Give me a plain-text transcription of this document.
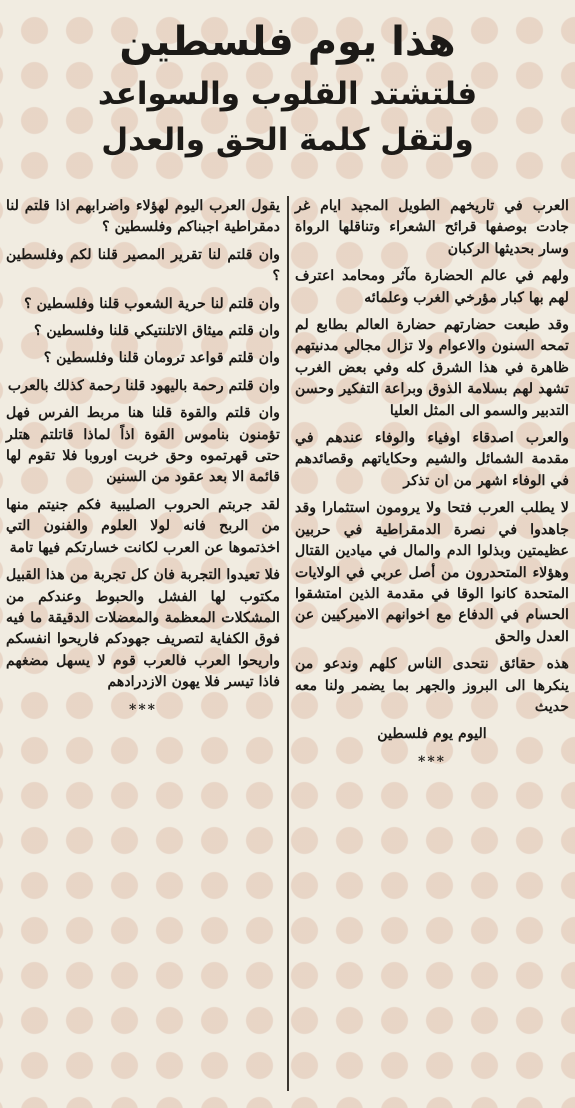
هذا يوم فلسطين
فلتشتد القلوب والسواعد
ولتقل كلمة الحق والعدل

العرب في تاريخهم الطويل المجيد ايام غر جادت بوصفها قرائح الشعراء وتناقلها الرواة وسار بحديثها الركبان

ولهم في عالم الحضارة مآثر ومحامد اعترف لهم بها كبار مؤرخي الغرب وعلمائه

وقد طبعت حضارتهم حضارة العالم بطابع لم تمحه السنون والاعوام ولا تزال مجالي مدنيتهم ظاهرة في هذا الشرق كله وفي بعض الغرب تشهد لهم بسلامة الذوق وبراعة التفكير وحسن التدبير والسمو الى المثل العليا

والعرب اصدقاء اوفياء والوفاء عندهم في مقدمة الشمائل والشيم وحكاياتهم وقصائدهم في الوفاء اشهر من ان تذكر

لا يطلب العرب فتحا ولا يرومون استثمارا وقد جاهدوا في نصرة الدمقراطية في حربين عظيمتين وبذلوا الدم والمال في ميادين القتال وهؤلاء المتحدرون من أصل عربي في الولايات المتحدة كانوا الوقا في مقدمة الذين امتشقوا الحسام في الدفاع مع اخوانهم الاميركيين عن العدل والحق

هذه حقائق نتحدى الناس كلهم وندعو من ينكرها الى البروز والجهر بما يضمر ولنا معه حديث

اليوم يوم فلسطين

***

يقول العرب اليوم لهؤلاء واضرابهم اذا قلتم لنا دمقراطية اجبناكم وفلسطين ؟

وان قلتم لنا تقرير المصير قلنا لكم وفلسطين ؟

وان قلتم لنا حرية الشعوب قلنا وفلسطين ؟

وان قلتم ميثاق الاتلنتيكي قلنا وفلسطين ؟

وان قلتم قواعد ترومان قلنا وفلسطين ؟

وان قلتم رحمة باليهود قلنا رحمة كذلك بالعرب

وان قلتم والقوة قلنا هنا مربط الفرس فهل تؤمنون بناموس القوة اذاً لماذا قاتلتم هتلر حتى قهرتموه وحق خربت اوروبا فلا تقوم لها قائمة الا بعد عقود من السنين

لقد جربتم الحروب الصليبية فكم جنيتم منها من الربح فانه لولا العلوم والفنون التي اخذتموها عن العرب لكانت خسارتكم فيها تامة

فلا تعيدوا التجربة فان كل تجربة من هذا القبيل مكتوب لها الفشل والحبوط وعندكم من المشكلات المعظمة والمعضلات الدقيقة ما فيه فوق الكفاية لتصريف جهودكم فاريحوا انفسكم واريحوا العرب فالعرب قوم لا يسهل مضغهم فاذا تيسر فلا يهون الازدرادهم

***
